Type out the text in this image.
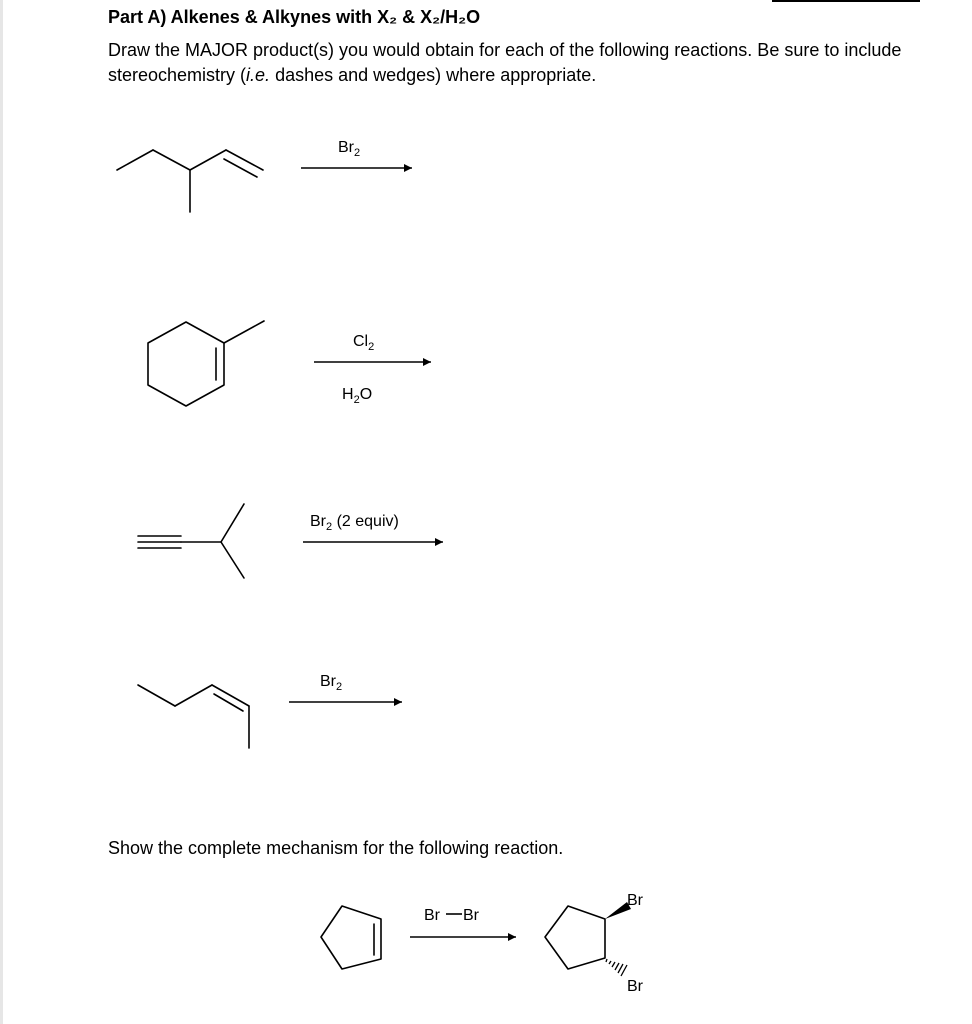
Part A) Alkenes & Alkynes with X₂ & X₂/H₂O
Draw the MAJOR product(s) you would obtain for each of the following reactions. Be sure to include stereochemistry (i.e. dashes and wedges) where appropriate.
Show the complete mechanism for the following reaction.
$Br_2$
$Cl_2$
$H_2O$
$Br_2$ (2 equiv)
$Br_2$
Br Br
Br
Br
